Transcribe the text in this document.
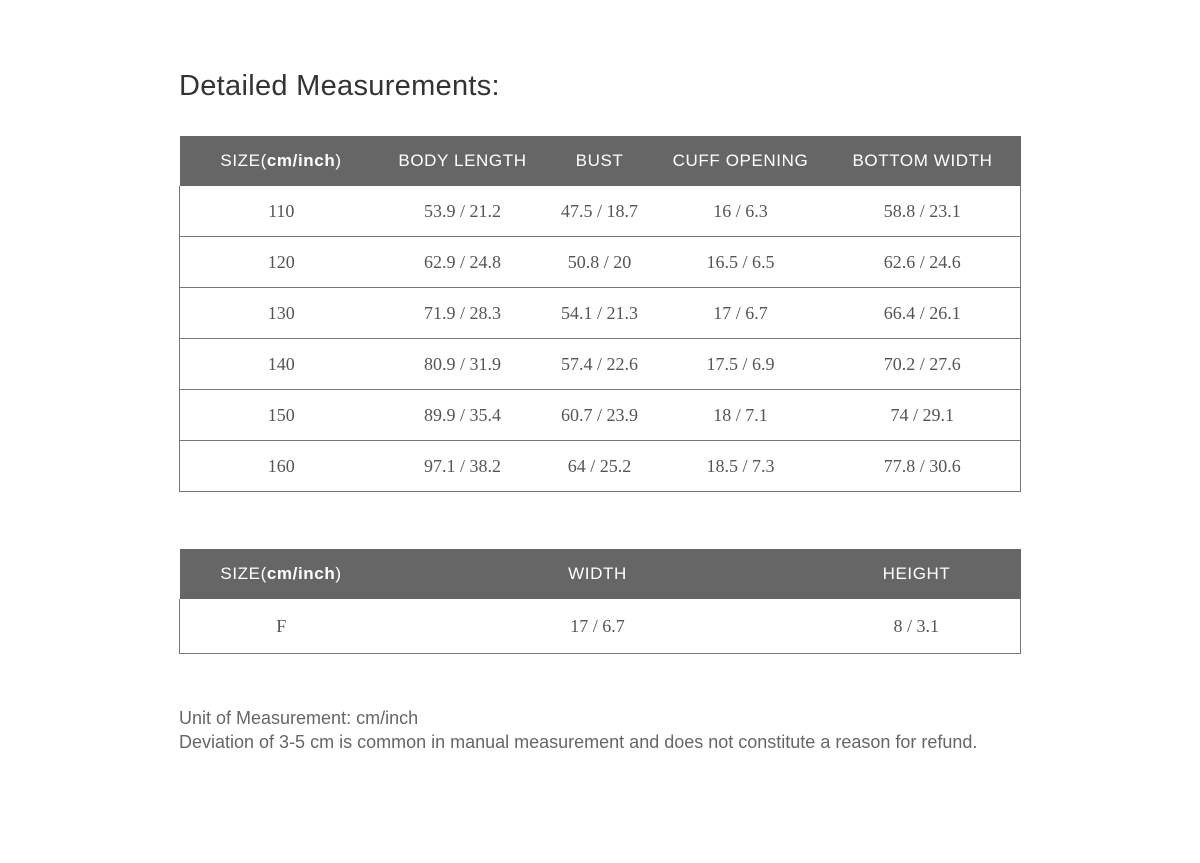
Detailed Measurements:
SIZE(cm/inch)	BODY LENGTH	BUST	CUFF OPENING	BOTTOM WIDTH
110	53.9 / 21.2	47.5 / 18.7	16 / 6.3	58.8 / 23.1
120	62.9 / 24.8	50.8 / 20	16.5 / 6.5	62.6 / 24.6
130	71.9 / 28.3	54.1 / 21.3	17 / 6.7	66.4 / 26.1
140	80.9 / 31.9	57.4 / 22.6	17.5 / 6.9	70.2 / 27.6
150	89.9 / 35.4	60.7 / 23.9	18 / 7.1	74 / 29.1
160	97.1 / 38.2	64 / 25.2	18.5 / 7.3	77.8 / 30.6
SIZE(cm/inch)	WIDTH	HEIGHT
F	17 / 6.7	8 / 3.1

Unit of Measurement: cm/inch

Deviation of 3-5 cm is common in manual measurement and does not constitute a reason for refund.
